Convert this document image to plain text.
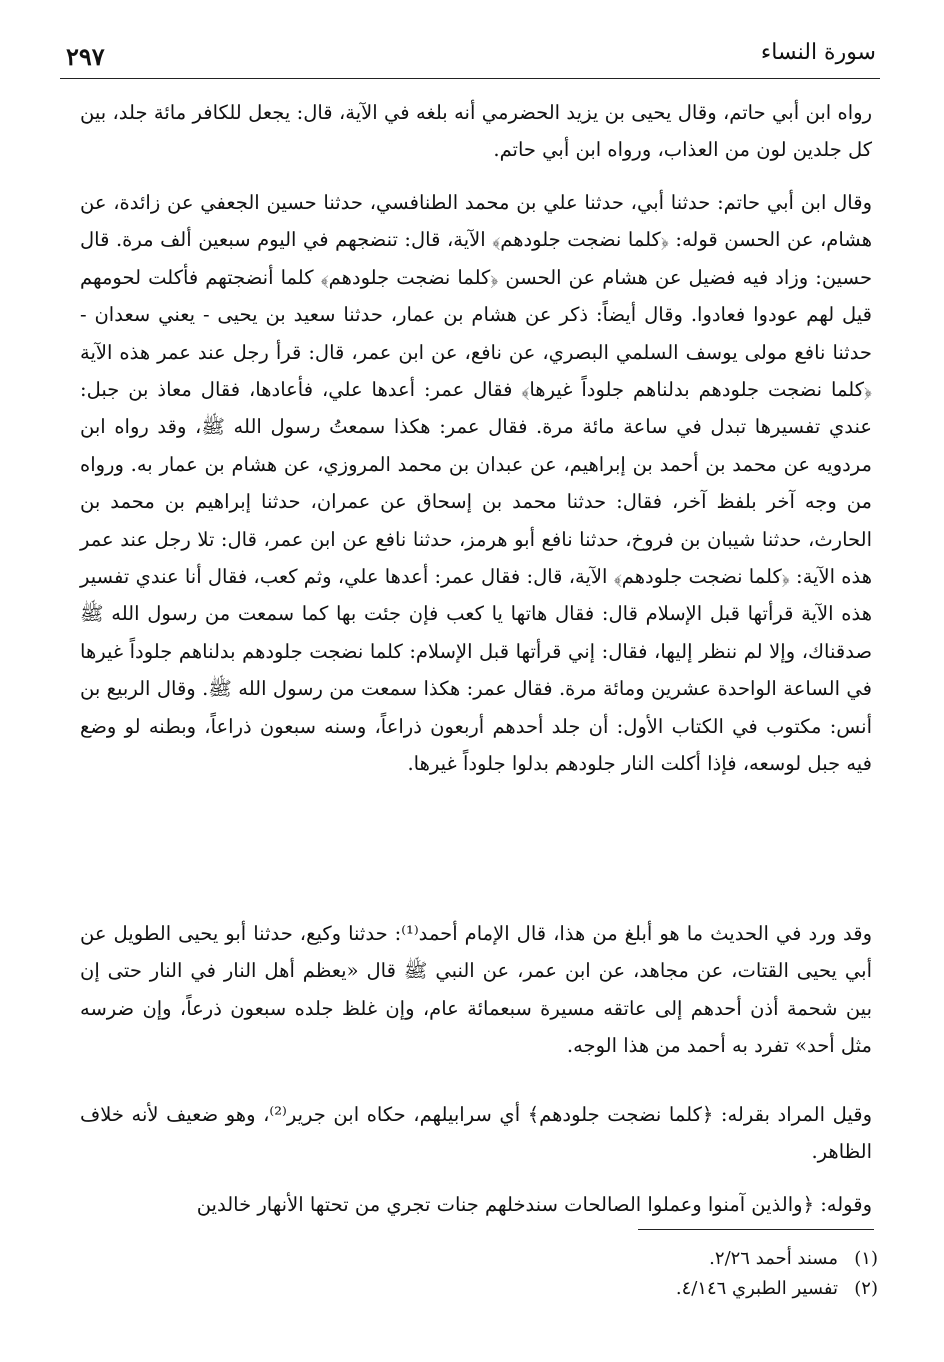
سورة النساء
٢٩٧

رواه ابن أبي حاتم، وقال يحيى بن يزيد الحضرمي أنه بلغه في الآية، قال: يجعل للكافر مائة جلد، بين كل جلدين لون من العذاب، ورواه ابن أبي حاتم.

وقال ابن أبي حاتم: حدثنا أبي، حدثنا علي بن محمد الطنافسي، حدثنا حسين الجعفي عن زائدة، عن هشام، عن الحسن قوله: ﴿كلما نضجت جلودهم﴾ الآية، قال: تنضجهم في اليوم سبعين ألف مرة. قال حسين: وزاد فيه فضيل عن هشام عن الحسن ﴿كلما نضجت جلودهم﴾ كلما أنضجتهم فأكلت لحومهم قيل لهم عودوا فعادوا. وقال أيضاً: ذكر عن هشام بن عمار، حدثنا سعيد بن يحيى - يعني سعدان - حدثنا نافع مولى يوسف السلمي البصري، عن نافع، عن ابن عمر، قال: قرأ رجل عند عمر هذه الآية ﴿كلما نضجت جلودهم بدلناهم جلوداً غيرها﴾ فقال عمر: أعدها علي، فأعادها، فقال معاذ بن جبل: عندي تفسيرها تبدل في ساعة مائة مرة. فقال عمر: هكذا سمعتُ رسول الله ﷺ، وقد رواه ابن مردويه عن محمد بن أحمد بن إبراهيم، عن عبدان بن محمد المروزي، عن هشام بن عمار به. ورواه من وجه آخر بلفظ آخر، فقال: حدثنا محمد بن إسحاق عن عمران، حدثنا إبراهيم بن محمد بن الحارث، حدثنا شيبان بن فروخ، حدثنا نافع أبو هرمز، حدثنا نافع عن ابن عمر، قال: تلا رجل عند عمر هذه الآية: ﴿كلما نضجت جلودهم﴾ الآية، قال: فقال عمر: أعدها علي، وثم كعب، فقال أنا عندي تفسير هذه الآية قرأتها قبل الإسلام قال: فقال هاتها يا كعب فإن جئت بها كما سمعت من رسول الله ﷺ صدقناك، وإلا لم ننظر إليها، فقال: إني قرأتها قبل الإسلام: كلما نضجت جلودهم بدلناهم جلوداً غيرها في الساعة الواحدة عشرين ومائة مرة. فقال عمر: هكذا سمعت من رسول الله ﷺ. وقال الربيع بن أنس: مكتوب في الكتاب الأول: أن جلد أحدهم أربعون ذراعاً، وسنه سبعون ذراعاً، وبطنه لو وضع فيه جبل لوسعه، فإذا أكلت النار جلودهم بدلوا جلوداً غيرها.

وقد ورد في الحديث ما هو أبلغ من هذا، قال الإمام أحمد⁽¹⁾: حدثنا وكيع، حدثنا أبو يحيى الطويل عن أبي يحيى القتات، عن مجاهد، عن ابن عمر، عن النبي ﷺ قال «يعظم أهل النار في النار حتى إن بين شحمة أذن أحدهم إلى عاتقه مسيرة سبعمائة عام، وإن غلظ جلده سبعون ذرعاً، وإن ضرسه مثل أحد» تفرد به أحمد من هذا الوجه.

وقيل المراد بقرله: ﴿كلما نضجت جلودهم﴾ أي سرابيلهم، حكاه ابن جرير⁽²⁾، وهو ضعيف لأنه خلاف الظاهر.

وقوله: ﴿والذين آمنوا وعملوا الصالحات سندخلهم جنات تجري من تحتها الأنهار خالدين

(١)
مسند أحمد ٢/٢٦.
(٢)
تفسير الطبري ٤/١٤٦.
